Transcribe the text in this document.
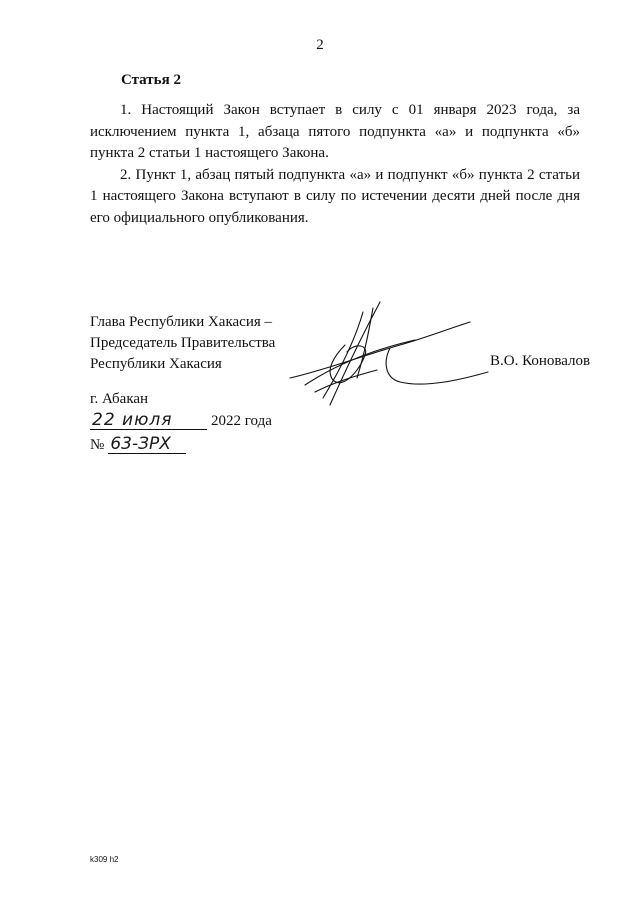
2
Статья 2

1. Настоящий Закон вступает в силу с 01 января 2023 года, за исключением пункта 1, абзаца пятого подпункта «а» и подпункта «б» пункта 2 статьи 1 настоящего Закона.

2. Пункт 1, абзац пятый подпункта «а» и подпункт «б» пункта 2 статьи 1 настоящего Закона вступают в силу по истечении десяти дней после дня его официального опубликования.

Глава Республики Хакасия –
Председатель Правительства
Республики Хакасия	В.О. Коновалов
г. Абакан
22 июля	2022 года
№ 63-ЗРХ
k309 h2
